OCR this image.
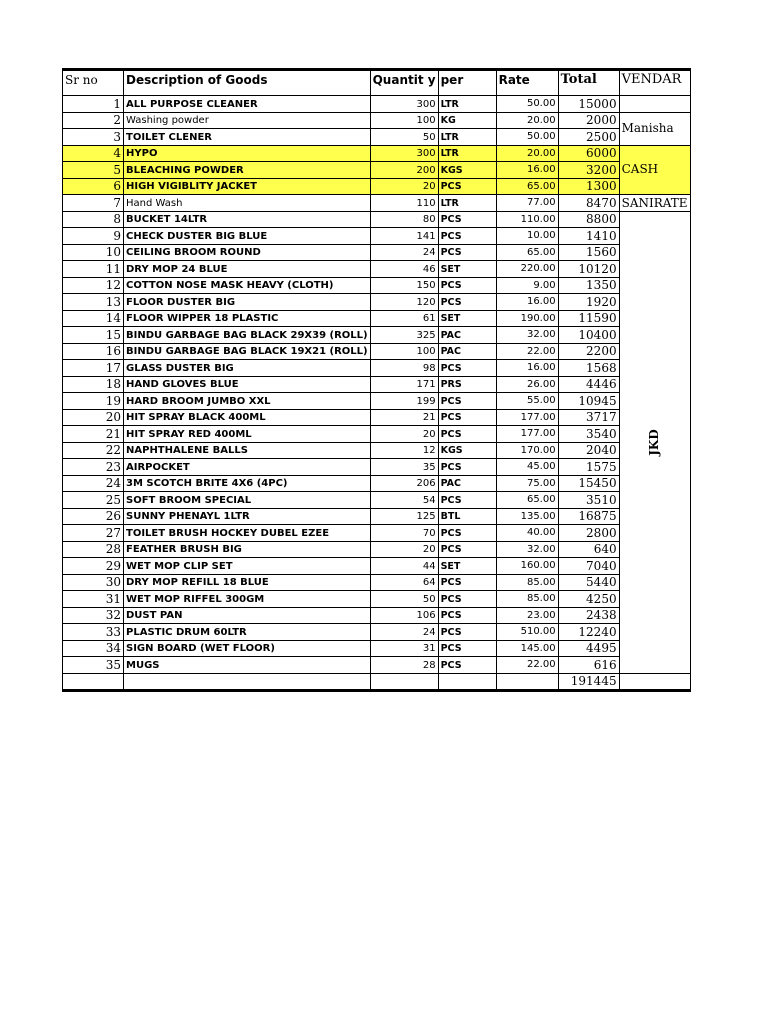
Sr no	Description of Goods	Quantit y	per	Rate	Total	VENDAR
1	ALL PURPOSE CLEANER	300	LTR	50.00	15000	
2	Washing powder	100	KG	20.00	2000	Manisha
3	TOILET CLENER	50	LTR	50.00	2500	
4	HYPO	300	LTR	20.00	6000	CASH
5	BLEACHING POWDER	200	KGS	16.00	3200	
6	HIGH VIGIBLITY JACKET	20	PCS	65.00	1300	
7	Hand Wash	110	LTR	77.00	8470	SANIRATE
8	BUCKET 14LTR	80	PCS	110.00	8800	JKD
9	CHECK DUSTER BIG BLUE	141	PCS	10.00	1410	
10	CEILING BROOM ROUND	24	PCS	65.00	1560	
11	DRY MOP 24 BLUE	46	SET	220.00	10120	
12	COTTON NOSE MASK HEAVY (CLOTH)	150	PCS	9.00	1350	
13	FLOOR DUSTER BIG	120	PCS	16.00	1920	
14	FLOOR WIPPER 18 PLASTIC	61	SET	190.00	11590	
15	BINDU GARBAGE BAG BLACK 29X39 (ROLL)	325	PAC	32.00	10400	
16	BINDU GARBAGE BAG BLACK 19X21 (ROLL)	100	PAC	22.00	2200	
17	GLASS DUSTER BIG	98	PCS	16.00	1568	
18	HAND GLOVES BLUE	171	PRS	26.00	4446	
19	HARD BROOM JUMBO XXL	199	PCS	55.00	10945	
20	HIT SPRAY BLACK 400ML	21	PCS	177.00	3717	
21	HIT SPRAY RED 400ML	20	PCS	177.00	3540	
22	NAPHTHALENE BALLS	12	KGS	170.00	2040	
23	AIRPOCKET	35	PCS	45.00	1575	
24	3M SCOTCH BRITE 4X6 (4PC)	206	PAC	75.00	15450	
25	SOFT BROOM SPECIAL	54	PCS	65.00	3510	
26	SUNNY PHENAYL 1LTR	125	BTL	135.00	16875	
27	TOILET BRUSH HOCKEY DUBEL EZEE	70	PCS	40.00	2800	
28	FEATHER BRUSH BIG	20	PCS	32.00	640	
29	WET MOP CLIP SET	44	SET	160.00	7040	
30	DRY MOP REFILL 18 BLUE	64	PCS	85.00	5440	
31	WET MOP RIFFEL 300GM	50	PCS	85.00	4250	
32	DUST PAN	106	PCS	23.00	2438	
33	PLASTIC DRUM 60LTR	24	PCS	510.00	12240	
34	SIGN BOARD (WET FLOOR)	31	PCS	145.00	4495	
35	MUGS	28	PCS	22.00	616	
					191445	
